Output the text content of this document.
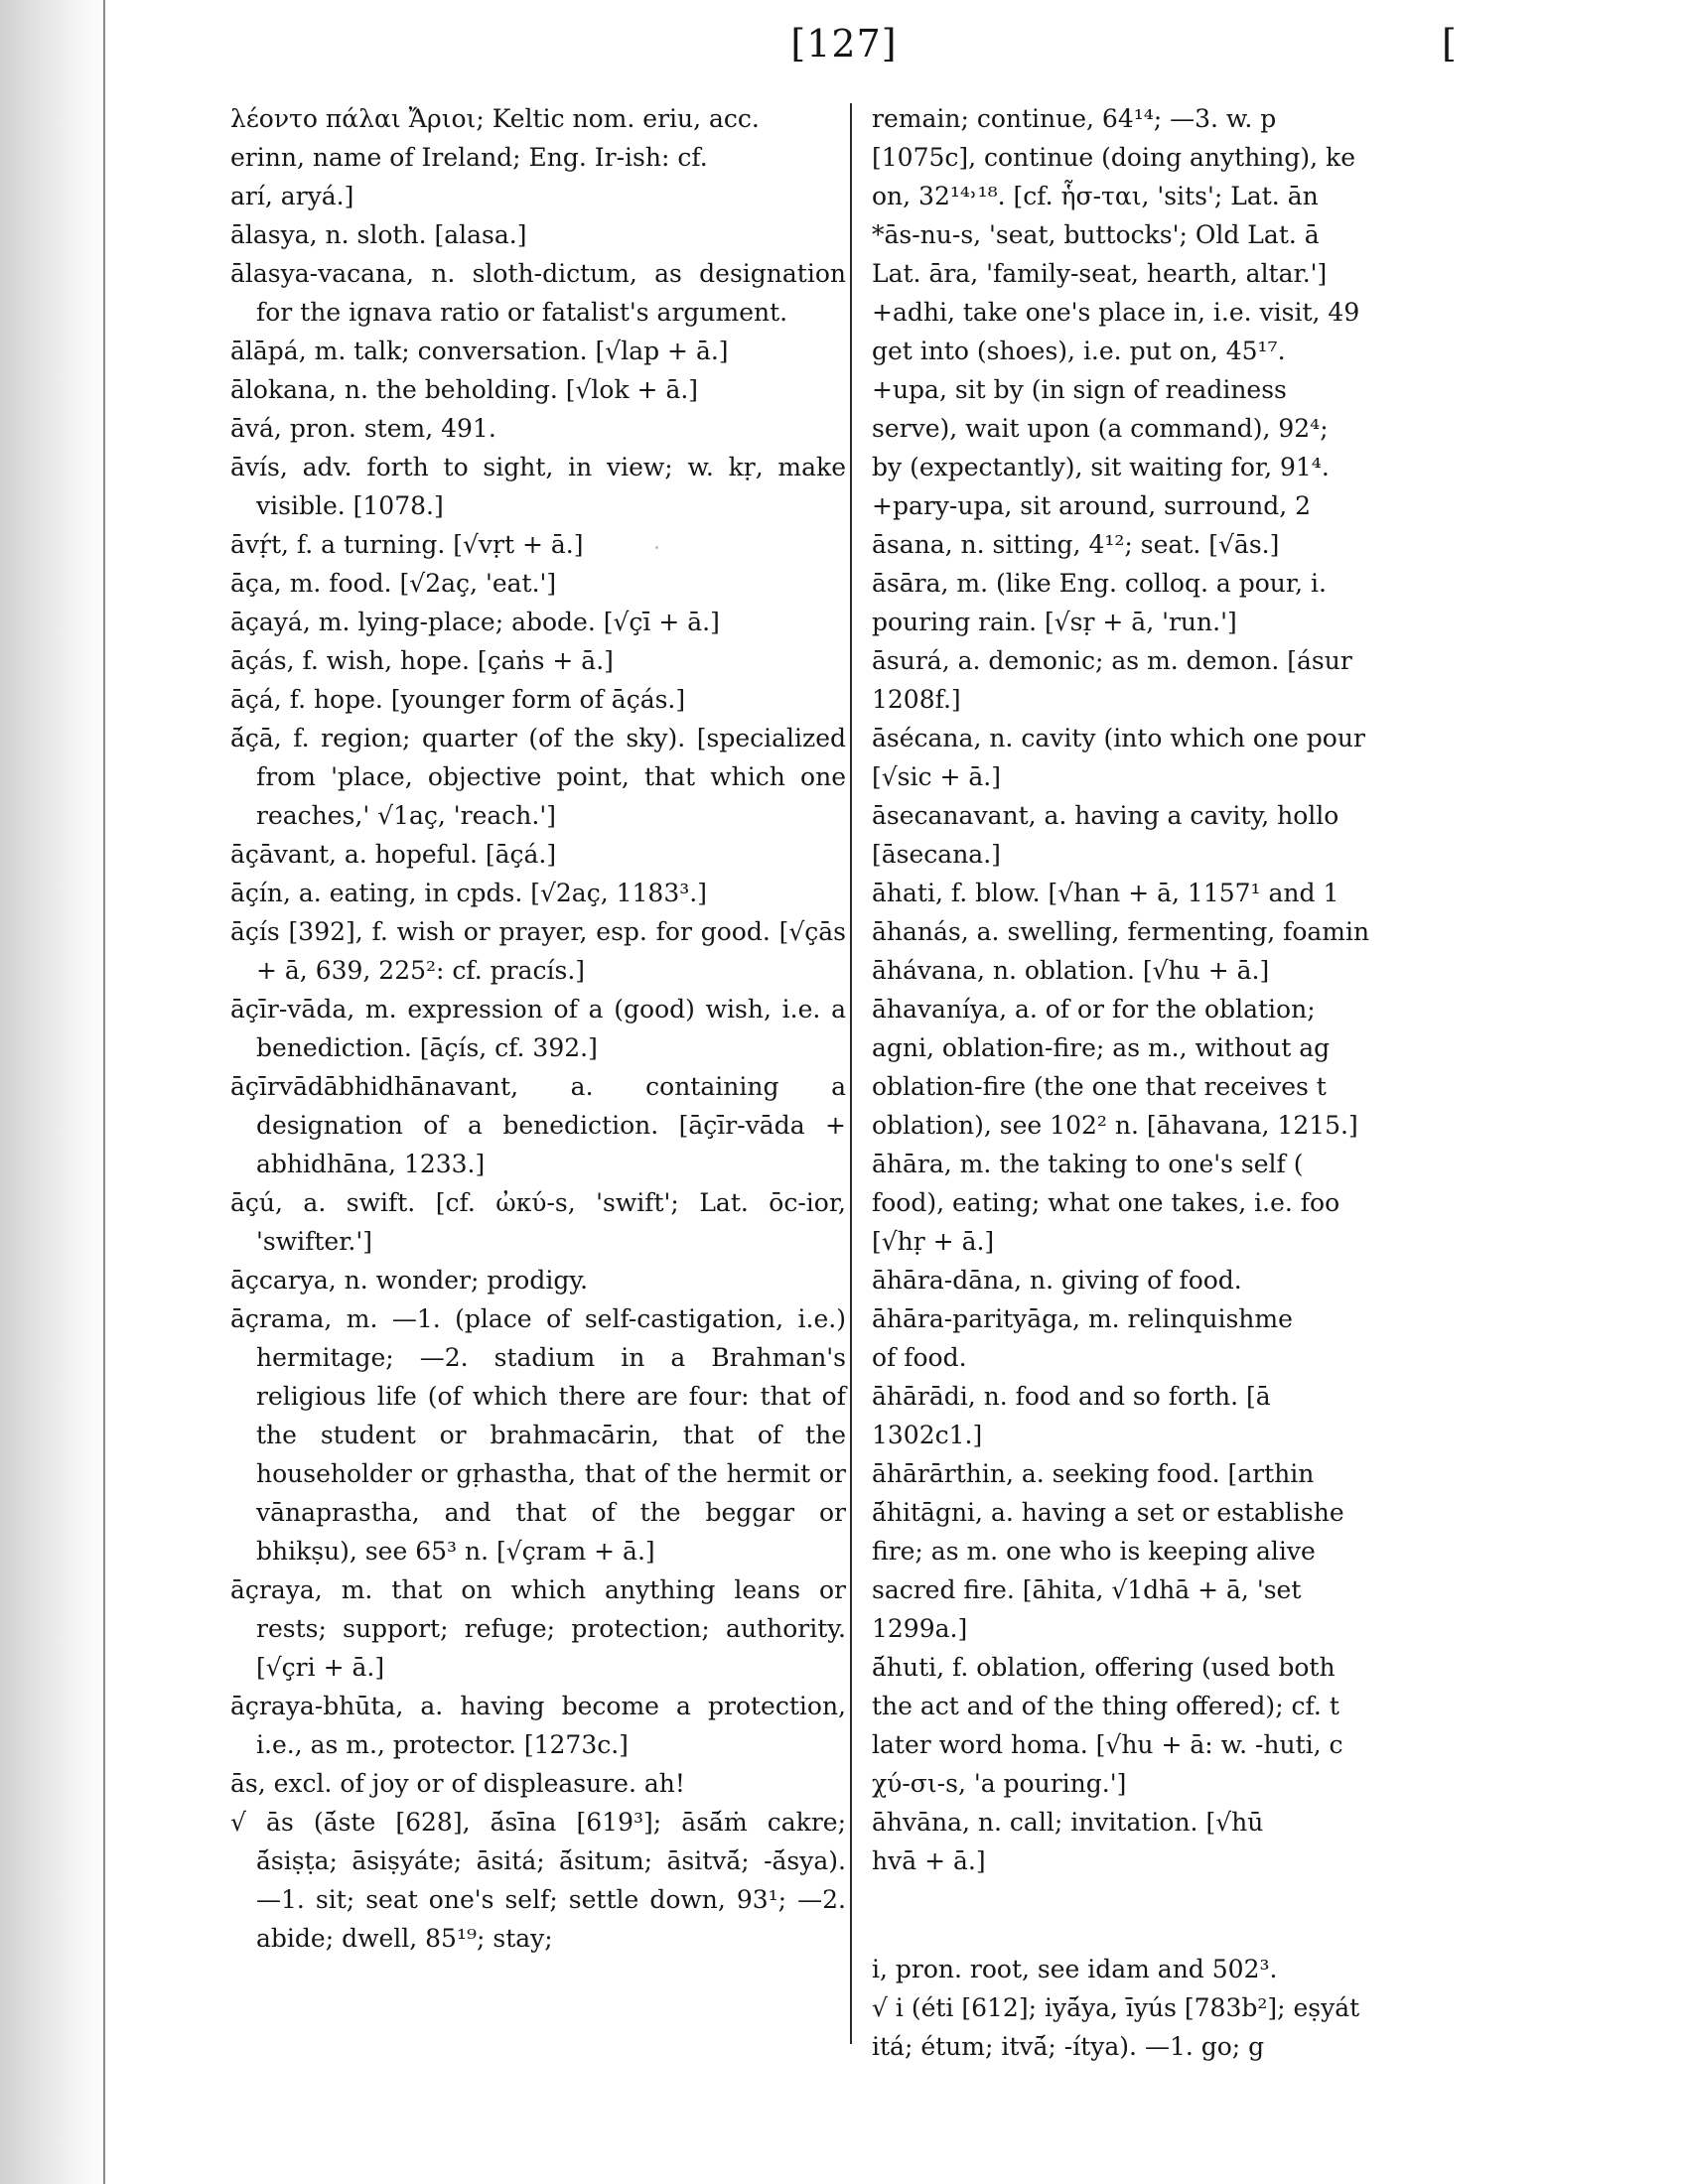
[127]	[
λέοντο πάλαι Ἄριοι; Keltic nom. eriu, acc.
erinn, name of Ireland; Eng. Ir-ish: cf.
arí, aryá.]
ālasya, n. sloth. [alasa.]
ālasya-vacana, n. sloth-dictum, as designation for the ignava ratio or fatalist's argument.
ālāpá, m. talk; conversation. [√lap + ā.]
ālokana, n. the beholding. [√lok + ā.]
āvá, pron. stem, 491.
āvís, adv. forth to sight, in view; w. kṛ, make visible. [1078.]
āvṛ́t, f. a turning. [√vṛt + ā.]
āça, m. food. [√2aç, 'eat.']
āçayá, m. lying-place; abode. [√çī + ā.]
āçás, f. wish, hope. [çaṅs + ā.]
āçá, f. hope. [younger form of āçás.]
ā́çā, f. region; quarter (of the sky). [specialized from 'place, objective point, that which one reaches,' √1aç, 'reach.']
āçāvant, a. hopeful. [āçá.]
āçín, a. eating, in cpds. [√2aç, 1183³.]
āçís [392], f. wish or prayer, esp. for good. [√çās + ā, 639, 225²: cf. pracís.]
āçīr-vāda, m. expression of a (good) wish, i.e. a benediction. [āçís, cf. 392.]
āçīrvādābhidhānavant, a. containing a designation of a benediction. [āçīr-vāda + abhidhāna, 1233.]
āçú, a. swift. [cf. ὠκύ-s, 'swift'; Lat. ōc-ior, 'swifter.']
āçcarya, n. wonder; prodigy.
āçrama, m. —1. (place of self-castigation, i.e.) hermitage; —2. stadium in a Brahman's religious life (of which there are four: that of the student or brahmacārin, that of the householder or gṛhastha, that of the hermit or vānaprastha, and that of the beggar or bhikṣu), see 65³ n. [√çram + ā.]
āçraya, m. that on which anything leans or rests; support; refuge; protection; authority. [√çri + ā.]
āçraya-bhūta, a. having become a protection, i.e., as m., protector. [1273c.]
ās, excl. of joy or of displeasure. ah!
√ ās (ā́ste [628], ā́sīna [619³]; āsā́ṁ cakre; ā́siṣṭa; āsiṣyáte; āsitá; ā́situm; āsitvā́; -ā́sya). —1. sit; seat one's self; settle down, 93¹; —2. abide; dwell, 85¹⁹; stay;
remain; continue, 64¹⁴; —3. w. p
[1075c], continue (doing anything), ke
on, 32¹⁴˒¹⁸. [cf. ἧσ-ται, 'sits'; Lat. ān
*ās-nu-s, 'seat, buttocks'; Old Lat. ā
Lat. āra, 'family-seat, hearth, altar.']
+adhi, take one's place in, i.e. visit, 49
get into (shoes), i.e. put on, 45¹⁷.
+upa, sit by (in sign of readiness
serve), wait upon (a command), 92⁴;
by (expectantly), sit waiting for, 91⁴.
+pary-upa, sit around, surround, 2
āsana, n. sitting, 4¹²; seat. [√ās.]
āsāra, m. (like Eng. colloq. a pour, i.
pouring rain. [√sṛ + ā, 'run.']
āsurá, a. demonic; as m. demon. [ásur
1208f.]
āsécana, n. cavity (into which one pour
[√sic + ā.]
āsecanavant, a. having a cavity, hollo
[āsecana.]
āhati, f. blow. [√han + ā, 1157¹ and 1
āhanás, a. swelling, fermenting, foamin
āhávana, n. oblation. [√hu + ā.]
āhavaníya, a. of or for the oblation;
agni, oblation-fire; as m., without ag
oblation-fire (the one that receives t
oblation), see 102² n. [āhavana, 1215.]
āhāra, m. the taking to one's self (
food), eating; what one takes, i.e. foo
[√hṛ + ā.]
āhāra-dāna, n. giving of food.
āhāra-parityāga, m. relinquishme
of food.
āhārādi, n. food and so forth. [ā
1302c1.]
āhārārthin, a. seeking food. [arthin
ā́hitāgni, a. having a set or establishe
fire; as m. one who is keeping alive
sacred fire. [āhita, √1dhā + ā, 'set
1299a.]
ā́huti, f. oblation, offering (used both
the act and of the thing offered); cf. t
later word homa. [√hu + ā: w. -huti, c
χύ-σι-s, 'a pouring.']
āhvāna, n. call; invitation. [√hū
hvā + ā.]
i, pron. root, see idam and 502³.
√ i (éti [612]; iyā́ya, īyús [783b²]; eṣyát
itá; étum; itvā́; -ítya). —1. go; g
